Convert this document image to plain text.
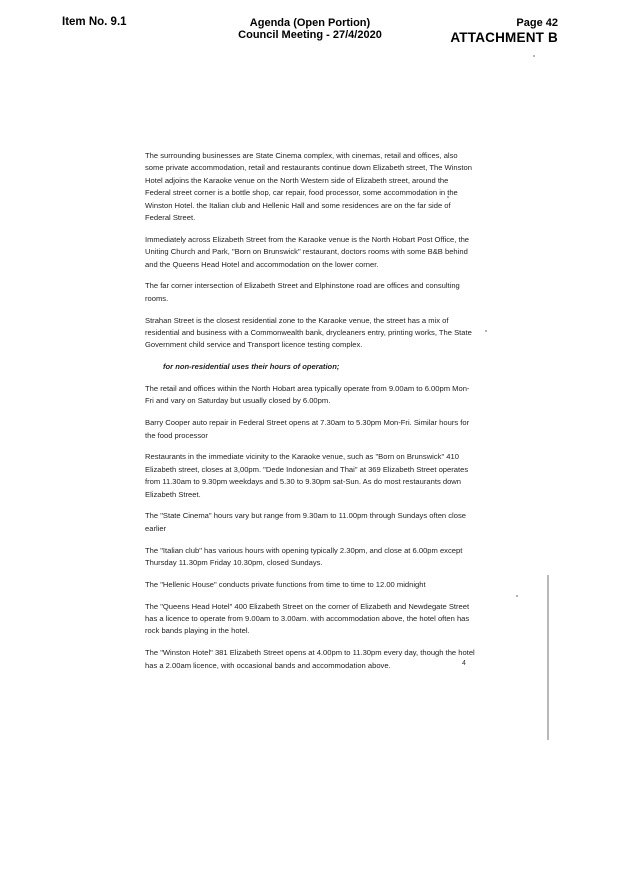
Item No. 9.1	Agenda (Open Portion)
Council Meeting - 27/4/2020
Page 42
ATTACHMENT B

The surrounding businesses are State Cinema complex, with cinemas, retail and offices, also some private accommodation, retail and restaurants continue down Elizabeth street, The Winston Hotel adjoins the Karaoke venue on the North Western side of Elizabeth street, around the Federal street corner is a bottle shop, car repair, food processor, some accommodation in the Winston Hotel. the Italian club and Hellenic Hall and some residences are on the far side of Federal Street.

Immediately across Elizabeth Street from the Karaoke venue is the North Hobart Post Office, the Uniting Church and Park, "Born on Brunswick" restaurant, doctors rooms with some B&B behind and the Queens Head Hotel and accommodation on the lower corner.

The far corner intersection of Elizabeth Street and Elphinstone road are offices and consulting rooms.

Strahan Street is the closest residential zone to the Karaoke venue, the street has a mix of residential and business with a Commonwealth bank, drycleaners entry, printing works, The State Government child service and Transport licence testing complex.

for non-residential uses their hours of operation;

The retail and offices within the North Hobart area typically operate from 9.00am to 6.00pm Mon-Fri and vary on Saturday but usually closed by 6.00pm.

Barry Cooper auto repair in Federal Street opens at 7.30am to 5.30pm Mon-Fri. Similar hours for the food processor

Restaurants in the immediate vicinity to the Karaoke venue, such as "Born on Brunswick" 410 Elizabeth street, closes at 3,00pm. "Dede Indonesian and Thai" at 369 Elizabeth Street operates from 11.30am to 9.30pm weekdays and 5.30 to 9.30pm sat-Sun. As do most restaurants down Elizabeth Street.

The "State Cinema" hours vary but range from 9.30am to 11.00pm through Sundays often close earlier

The "Italian club" has various hours with opening typically 2.30pm, and close at 6.00pm except Thursday 11.30pm Friday 10.30pm, closed Sundays.

The "Hellenic House" conducts private functions from time to time to 12.00 midnight

The "Queens Head Hotel" 400 Elizabeth Street on the corner of Elizabeth and Newdegate Street has a licence to operate from 9.00am to 3.00am. with accommodation above, the hotel often has rock bands playing in the hotel.

The "Winston Hotel" 381 Elizabeth Street opens at 4.00pm to 11.30pm every day, though the hotel has a 2.00am licence, with occasional bands and accommodation above.	4
